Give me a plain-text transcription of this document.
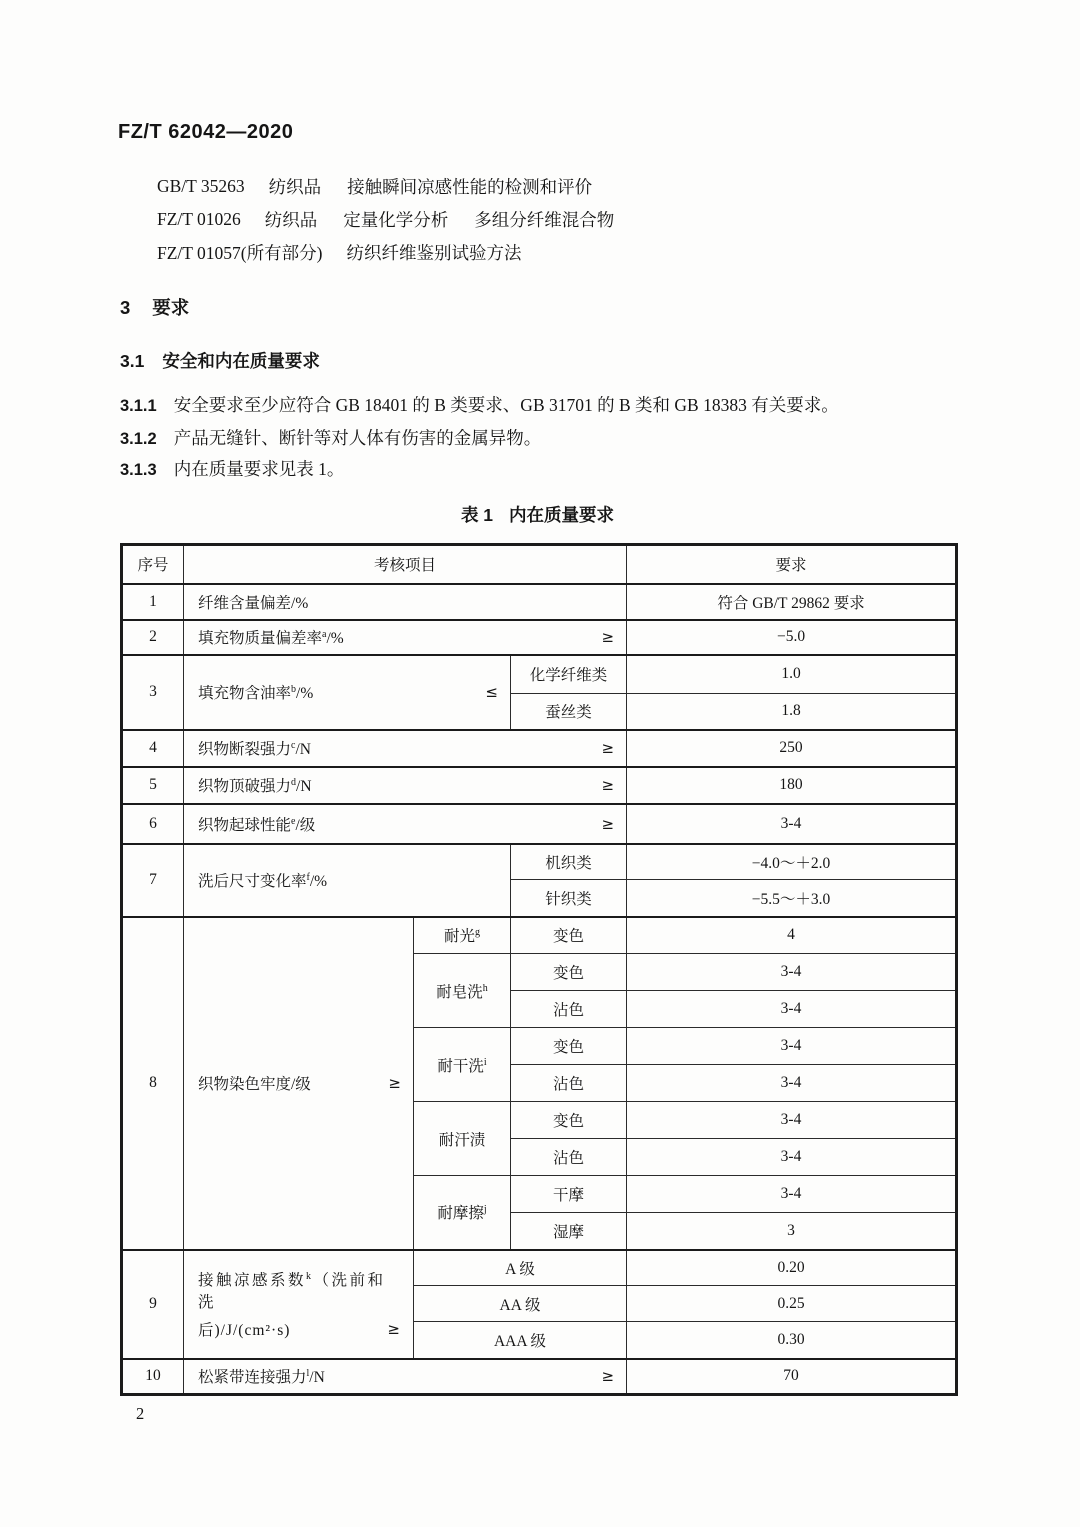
FZ/T 62042—2020
GB/T 35263 纺织品 接触瞬间凉感性能的检测和评价
FZ/T 01026 纺织品 定量化学分析 多组分纤维混合物
FZ/T 01057(所有部分) 纺织纤维鉴别试验方法
3 要求
3.1 安全和内在质量要求
3.1.1 安全要求至少应符合 GB 18401 的 B 类要求、GB 31701 的 B 类和 GB 18383 有关要求。
3.1.2 产品无缝针、断针等对人体有伤害的金属异物。
3.1.3 内在质量要求见表 1。
表 1 内在质量要求
序号	考核项目			要求
1	纤维含量偏差/%			符合 GB/T 29862 要求
2	填充物质量偏差率$^a$/% ≥			−5.0
3	填充物含油率$^b$/% ≤		化学纤维类	1.0
			蚕丝类	1.8
4	织物断裂强力$^c$/N ≥			250
5	织物顶破强力$^d$/N ≥			180
6	织物起球性能$^e$/级 ≥			3-4
7	洗后尺寸变化率$^f$/%		机织类	−4.0～＋2.0
			针织类	−5.5～＋3.0
8	织物染色牢度/级 ≥	耐光$^g$	变色	4
		耐皂洗$^h$	变色	3-4
			沾色	3-4
		耐干洗$^i$	变色	3-4
			沾色	3-4
		耐汗渍	变色	3-4
			沾色	3-4
		耐摩擦$^j$	干摩	3-4
			湿摩	3
9	接触凉感系数$^k$（洗前和洗
后)/J/(cm²·s) ≥	A 级		0.20
		AA 级		0.25
		AAA 级		0.30
10	松紧带连接强力$^l$/N ≥			70
2
